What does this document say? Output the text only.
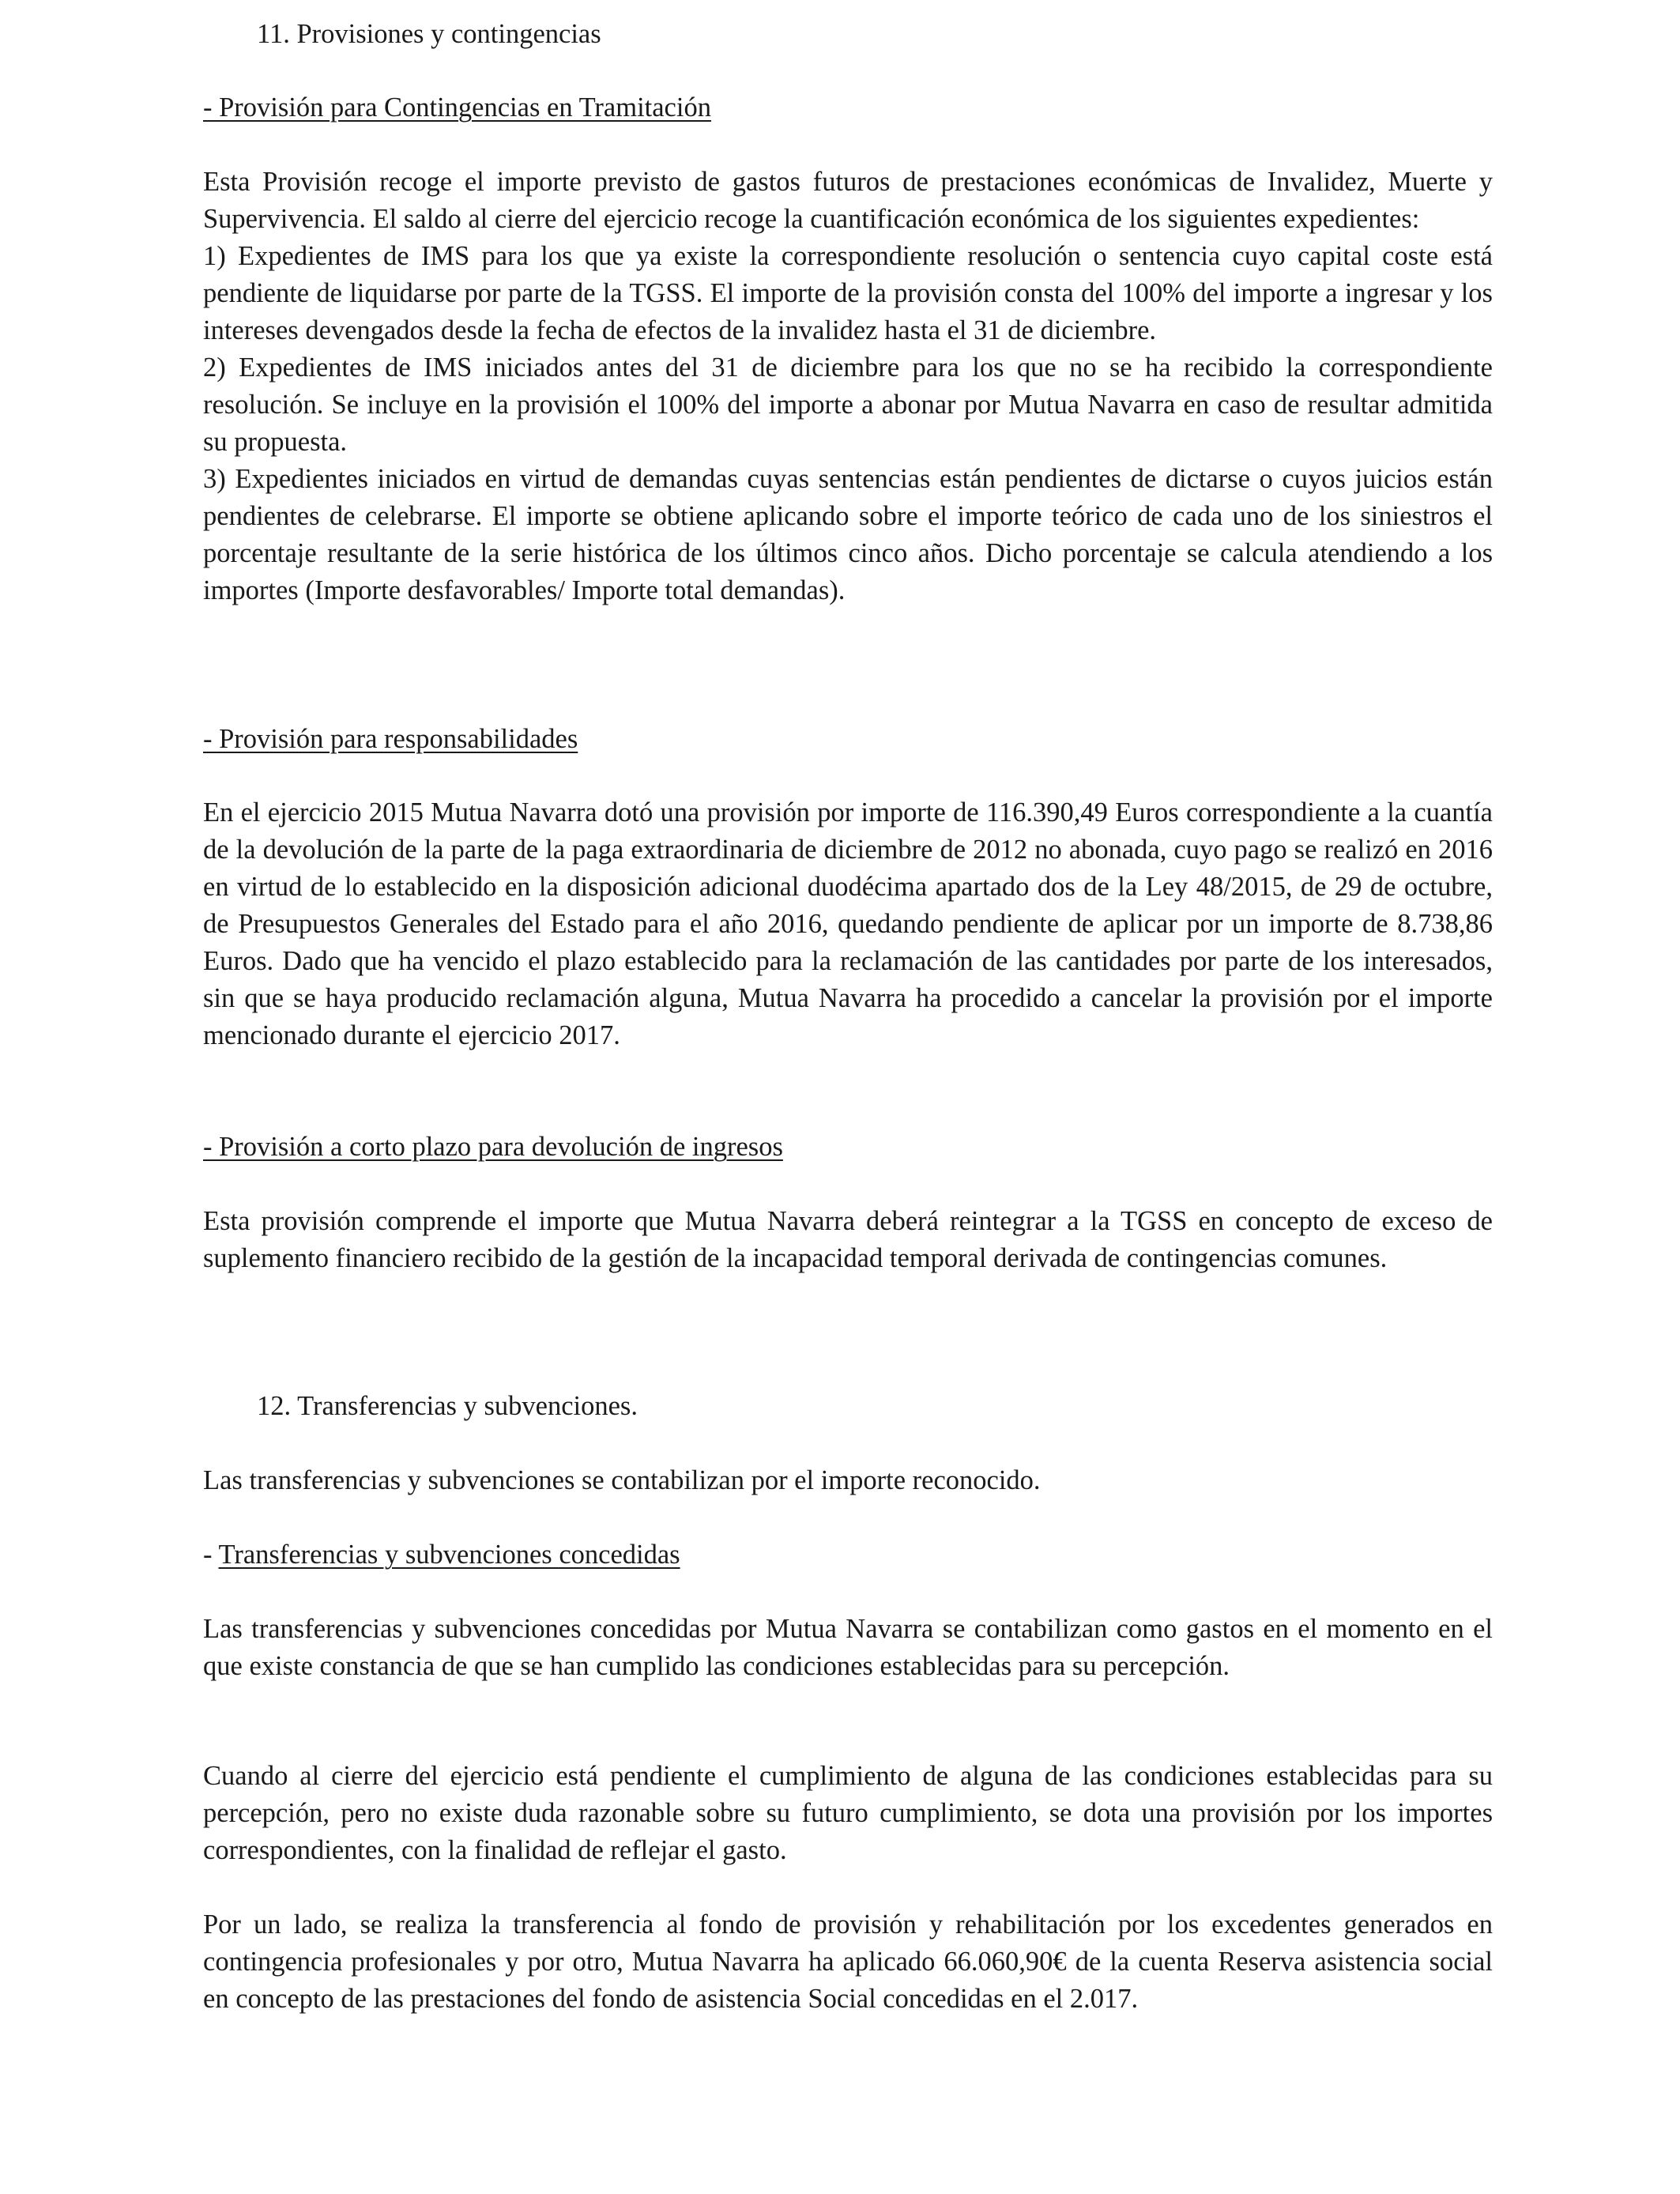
11. Provisiones y contingencias

- Provisión para Contingencias en Tramitación

Esta Provisión recoge el importe previsto de gastos futuros de prestaciones económicas de Invalidez, Muerte y Supervivencia. El saldo al cierre del ejercicio recoge la cuantificación económica de los siguientes expedientes:

1) Expedientes de IMS para los que ya existe la correspondiente resolución o sentencia cuyo capital coste está pendiente de liquidarse por parte de la TGSS. El importe de la provisión consta del 100% del importe a ingresar y los intereses devengados desde la fecha de efectos de la invalidez hasta el 31 de diciembre.

2) Expedientes de IMS iniciados antes del 31 de diciembre para los que no se ha recibido la correspondiente resolución. Se incluye en la provisión el 100% del importe a abonar por Mutua Navarra en caso de resultar admitida su propuesta.

3) Expedientes iniciados en virtud de demandas cuyas sentencias están pendientes de dictarse o cuyos juicios están pendientes de celebrarse. El importe se obtiene aplicando sobre el importe teórico de cada uno de los siniestros el porcentaje resultante de la serie histórica de los últimos cinco años. Dicho porcentaje se calcula atendiendo a los importes (Importe desfavorables/ Importe total demandas).

- Provisión para responsabilidades

En el ejercicio 2015 Mutua Navarra dotó una provisión por importe de 116.390,49 Euros correspondiente a la cuantía de la devolución de la parte de la paga extraordinaria de diciembre de 2012 no abonada, cuyo pago se realizó en 2016 en virtud de lo establecido en la disposición adicional duodécima apartado dos de la Ley 48/2015, de 29 de octubre, de Presupuestos Generales del Estado para el año 2016, quedando pendiente de aplicar por un importe de 8.738,86 Euros. Dado que ha vencido el plazo establecido para la reclamación de las cantidades por parte de los interesados, sin que se haya producido reclamación alguna, Mutua Navarra ha procedido a cancelar la provisión por el importe mencionado durante el ejercicio 2017.

- Provisión a corto plazo para devolución de ingresos

Esta provisión comprende el importe que Mutua Navarra deberá reintegrar a la TGSS en concepto de exceso de suplemento financiero recibido de la gestión de la incapacidad temporal derivada de contingencias comunes.

12. Transferencias y subvenciones.

Las transferencias y subvenciones se contabilizan por el importe reconocido.

- Transferencias y subvenciones concedidas

Las transferencias y subvenciones concedidas por Mutua Navarra se contabilizan como gastos en el momento en el que existe constancia de que se han cumplido las condiciones establecidas para su percepción.

Cuando al cierre del ejercicio está pendiente el cumplimiento de alguna de las condiciones establecidas para su percepción, pero no existe duda razonable sobre su futuro cumplimiento, se dota una provisión por los importes correspondientes, con la finalidad de reflejar el gasto.

Por un lado, se realiza la transferencia al fondo de provisión y rehabilitación por los excedentes generados en contingencia profesionales y por otro, Mutua Navarra ha aplicado 66.060,90€ de la cuenta Reserva asistencia social en concepto de las prestaciones del fondo de asistencia Social concedidas en el 2.017.
